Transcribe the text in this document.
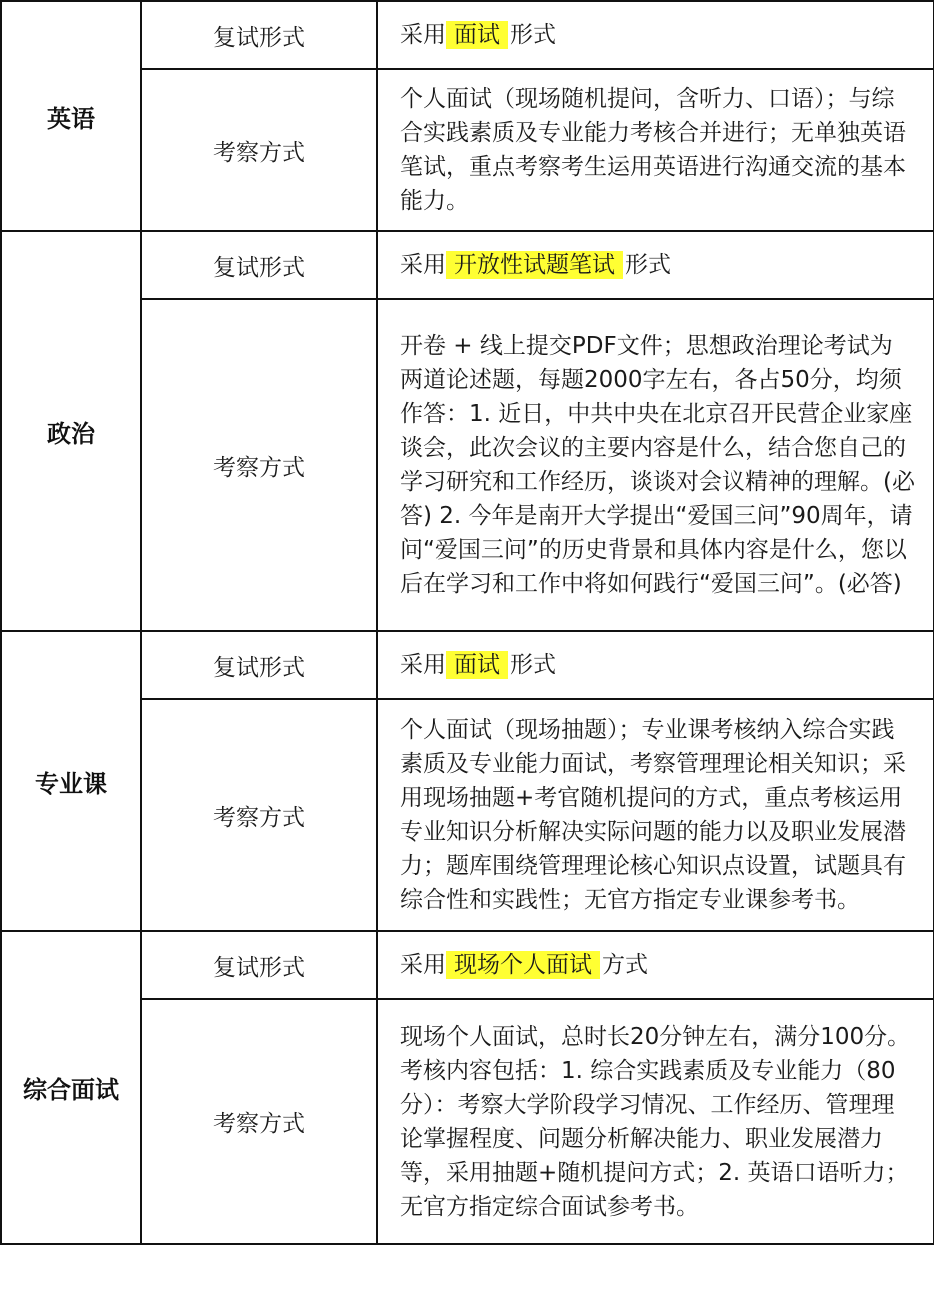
英语	复试形式	采用 面试 形式
	考察方式	个人面试（现场随机提问，含听力、口语）；与综合实践素质及专业能力考核合并进行；无单独英语笔试，重点考察考生运用英语进行沟通交流的基本能力。
政治	复试形式	采用 开放性试题笔试 形式
	考察方式	开卷 + 线上提交PDF文件；思想政治理论考试为两道论述题，每题2000字左右，各占50分，均须作答：1. 近日，中共中央在北京召开民营企业家座谈会，此次会议的主要内容是什么，结合您自己的学习研究和工作经历，谈谈对会议精神的理解。(必答) 2. 今年是南开大学提出“爱国三问”90周年，请问“爱国三问”的历史背景和具体内容是什么，您以后在学习和工作中将如何践行“爱国三问”。(必答)
专业课	复试形式	采用 面试 形式
	考察方式	个人面试（现场抽题）；专业课考核纳入综合实践素质及专业能力面试，考察管理理论相关知识；采用现场抽题+考官随机提问的方式，重点考核运用专业知识分析解决实际问题的能力以及职业发展潜力；题库围绕管理理论核心知识点设置，试题具有综合性和实践性；无官方指定专业课参考书。
综合面试	复试形式	采用 现场个人面试 方式
	考察方式	现场个人面试，总时长20分钟左右，满分100分。考核内容包括：1. 综合实践素质及专业能力（80分）：考察大学阶段学习情况、工作经历、管理理论掌握程度、问题分析解决能力、职业发展潜力等，采用抽题+随机提问方式；2. 英语口语听力；无官方指定综合面试参考书。
